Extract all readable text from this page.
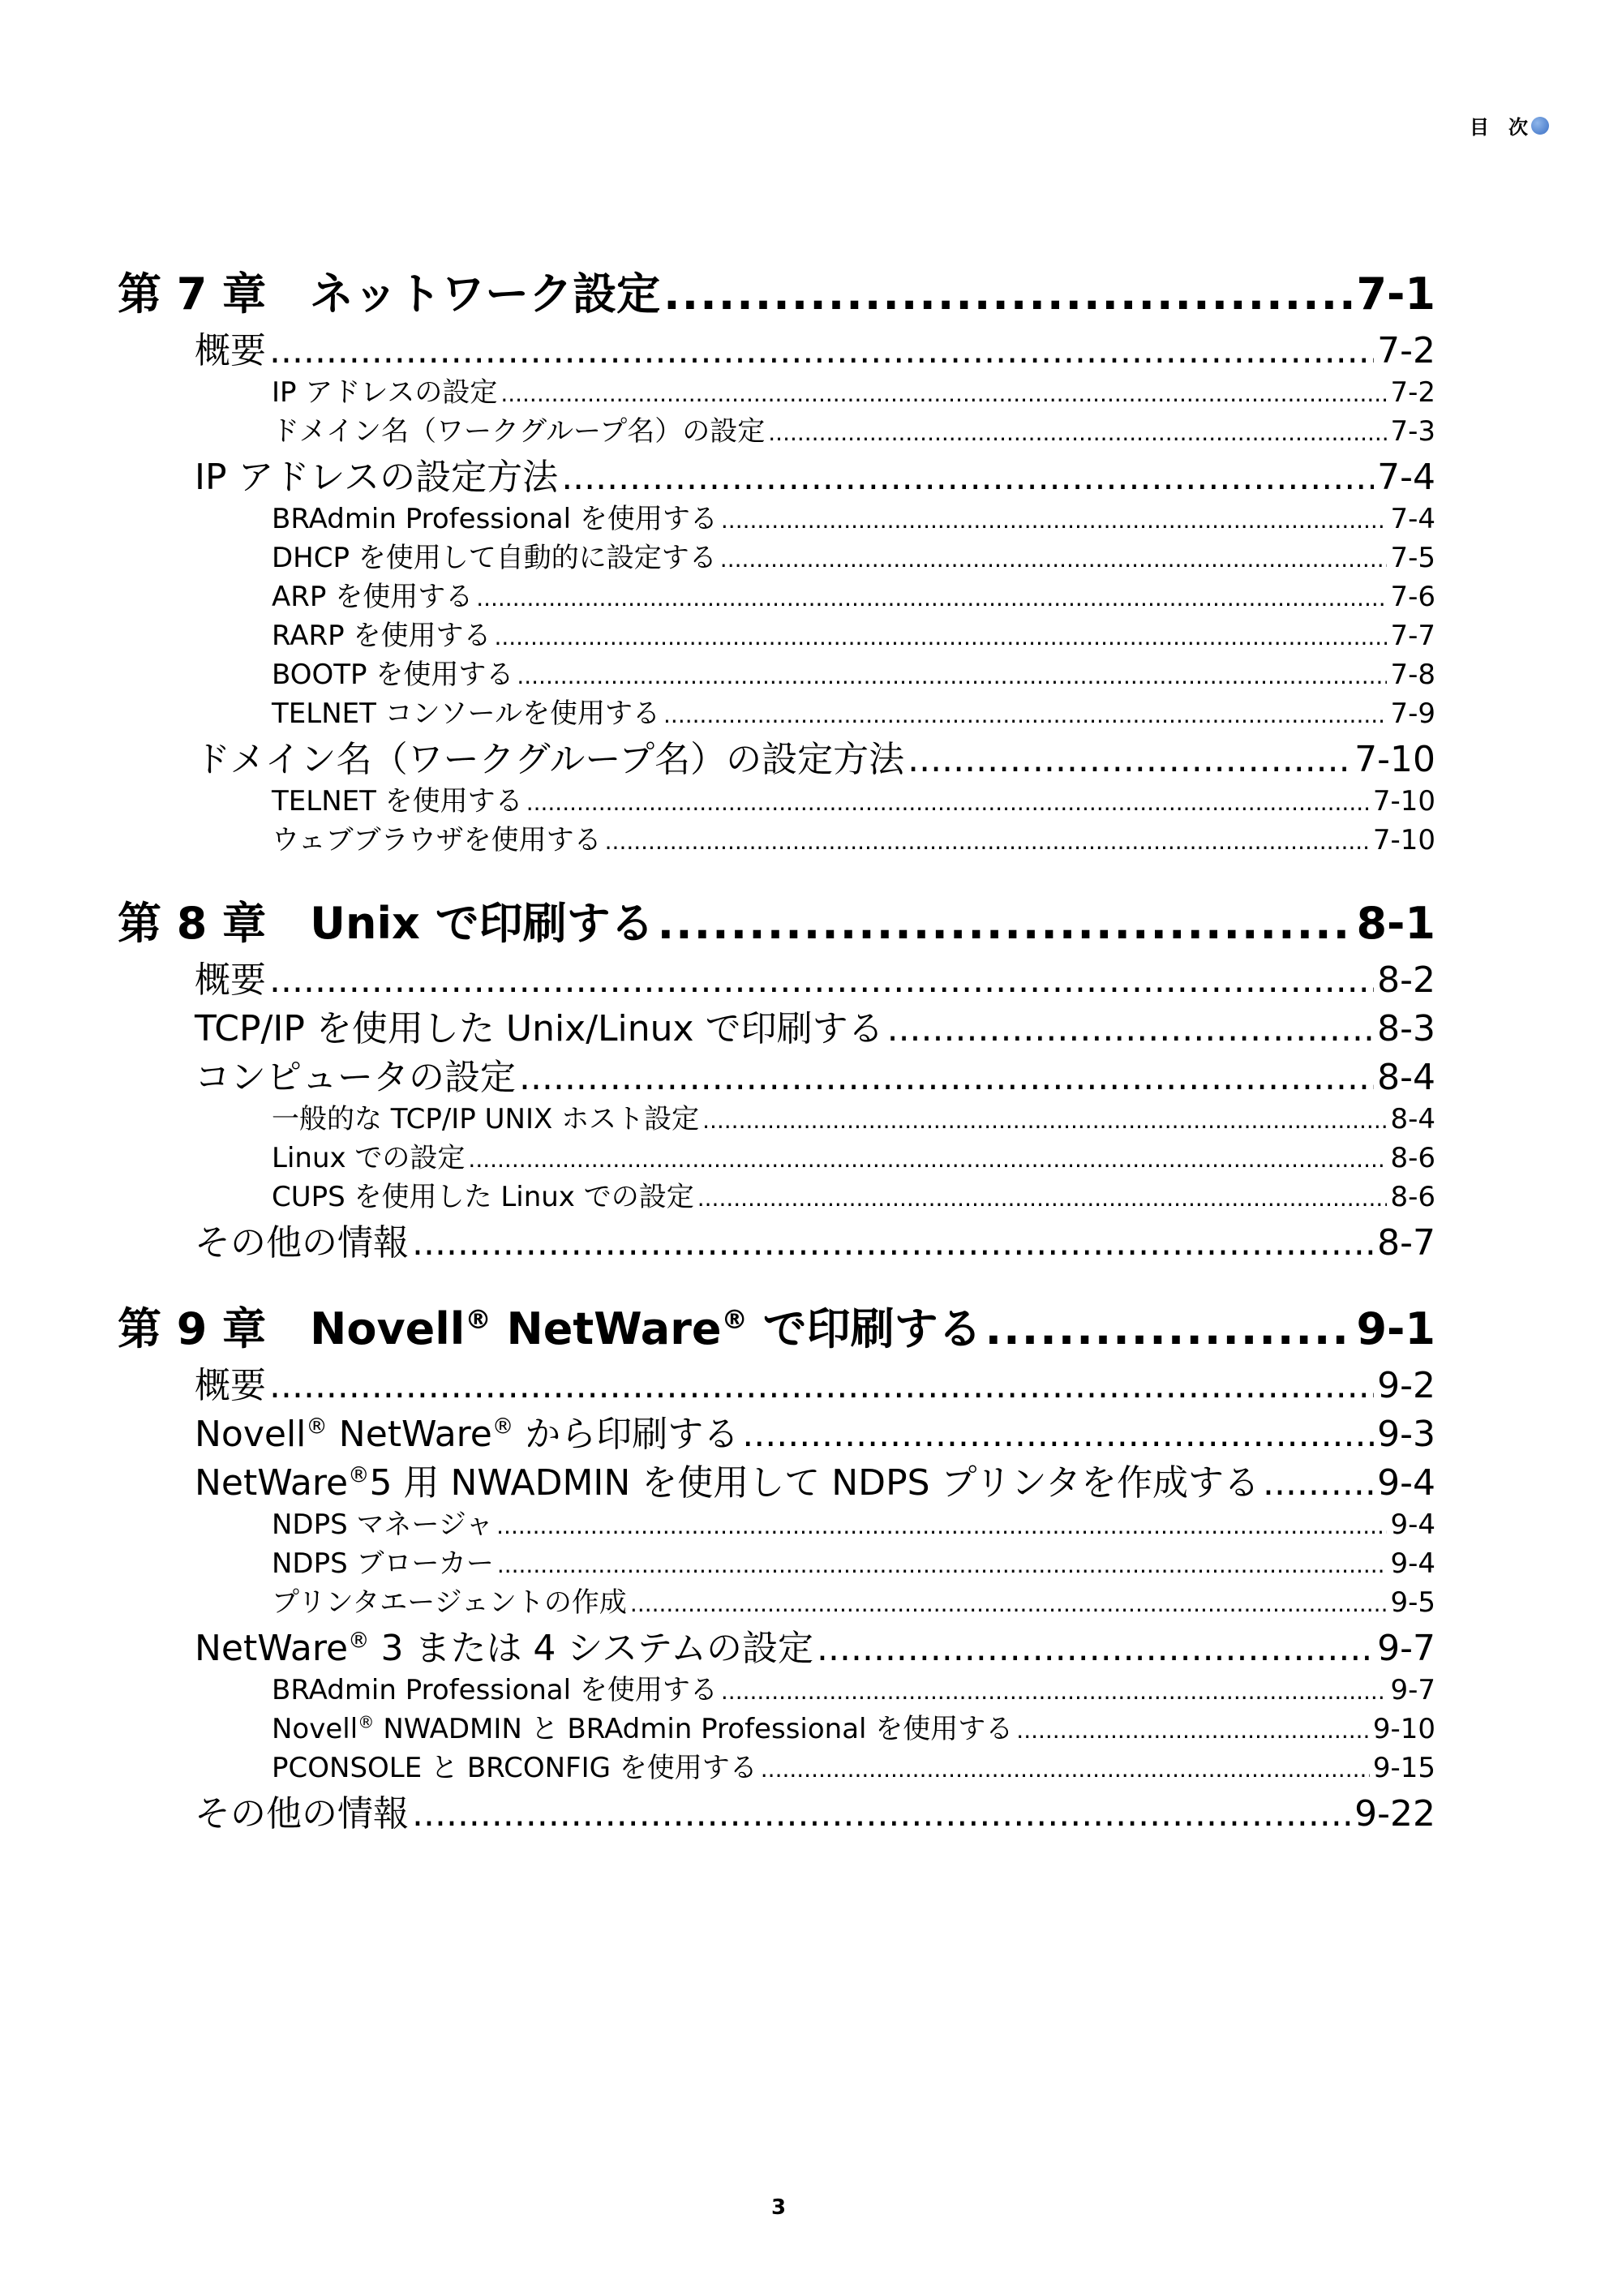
目　次
第 7 章　ネットワーク設定 .....	7-1
概要 .....	7-2
IP アドレスの設定 .....	7-2
ドメイン名（ワークグループ名）の設定 .....	7-3
IP アドレスの設定方法 .....	7-4
BRAdmin Professional を使用する .....	7-4
DHCP を使用して自動的に設定する .....	7-5
ARP を使用する .....	7-6
RARP を使用する .....	7-7
BOOTP を使用する .....	7-8
TELNET コンソールを使用する .....	7-9
ドメイン名（ワークグループ名）の設定方法 .....	7-10
TELNET を使用する .....	7-10
ウェブブラウザを使用する .....	7-10
第 8 章　Unix で印刷する .....	8-1
概要 .....	8-2
TCP/IP を使用した Unix/Linux で印刷する .....	8-3
コンピュータの設定 .....	8-4
一般的な TCP/IP UNIX ホスト設定 .....	8-4
Linux での設定 .....	8-6
CUPS を使用した Linux での設定 .....	8-6
その他の情報 .....	8-7
第 9 章　Novell® NetWare® で印刷する .....	9-1
概要 .....	9-2
Novell® NetWare® から印刷する .....	9-3
NetWare®5 用 NWADMIN を使用して NDPS プリンタを作成する .....	9-4
NDPS マネージャ .....	9-4
NDPS ブローカー .....	9-4
プリンタエージェントの作成 .....	9-5
NetWare® 3 または 4 システムの設定 .....	9-7
BRAdmin Professional を使用する .....	9-7
Novell® NWADMIN と BRAdmin Professional を使用する .....	9-10
PCONSOLE と BRCONFIG を使用する .....	9-15
その他の情報 .....	9-22
3
